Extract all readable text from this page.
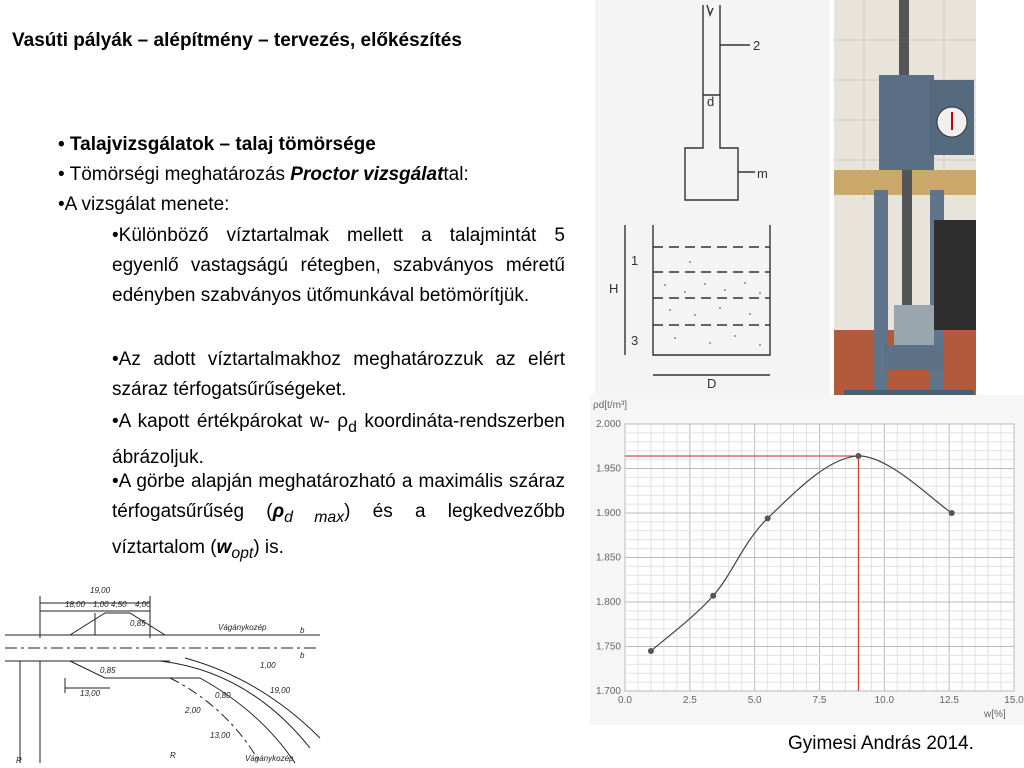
Vasúti pályák – alépítmény – tervezés, előkészítés
• Talajvizsgálatok – talaj tömörsége
• Tömörségi meghatározás Proctor vizsgálattal:
•A vizsgálat menete:
•Különböző víztartalmak mellett a talajmintát 5 egyenlő vastagságú rétegben, szabványos méretű edényben szabványos ütőmunkával betömörítjük.
•Az adott víztartalmakhoz meghatározzuk az elért száraz térfogatsűrűségeket.
•A kapott értékpárokat w- $\rho_d$ koordináta-rendszerben ábrázoljuk.
•A görbe alapján meghatározható a maximális száraz térfogatsűrűség $(\rho_{d max})$ és a legkedvezőbb víztartalom $(w_{opt})$ is.
2
d
m
1
H
3
D
19,00
18,00 1,00 4,50 4,00
0,85
0,85
1,00
13,00	19,00
2,00
13,00
0,80
b
b
Vágánykozép
Vágánykozép
R
R
0.0	2.5	5.0	7.5	10.0	12.5	15.0
1.700
1.750
1.800
1.850
1.900
1.950
2.000
ρd[t/m³]
w[%]
Gyimesi András 2014.
